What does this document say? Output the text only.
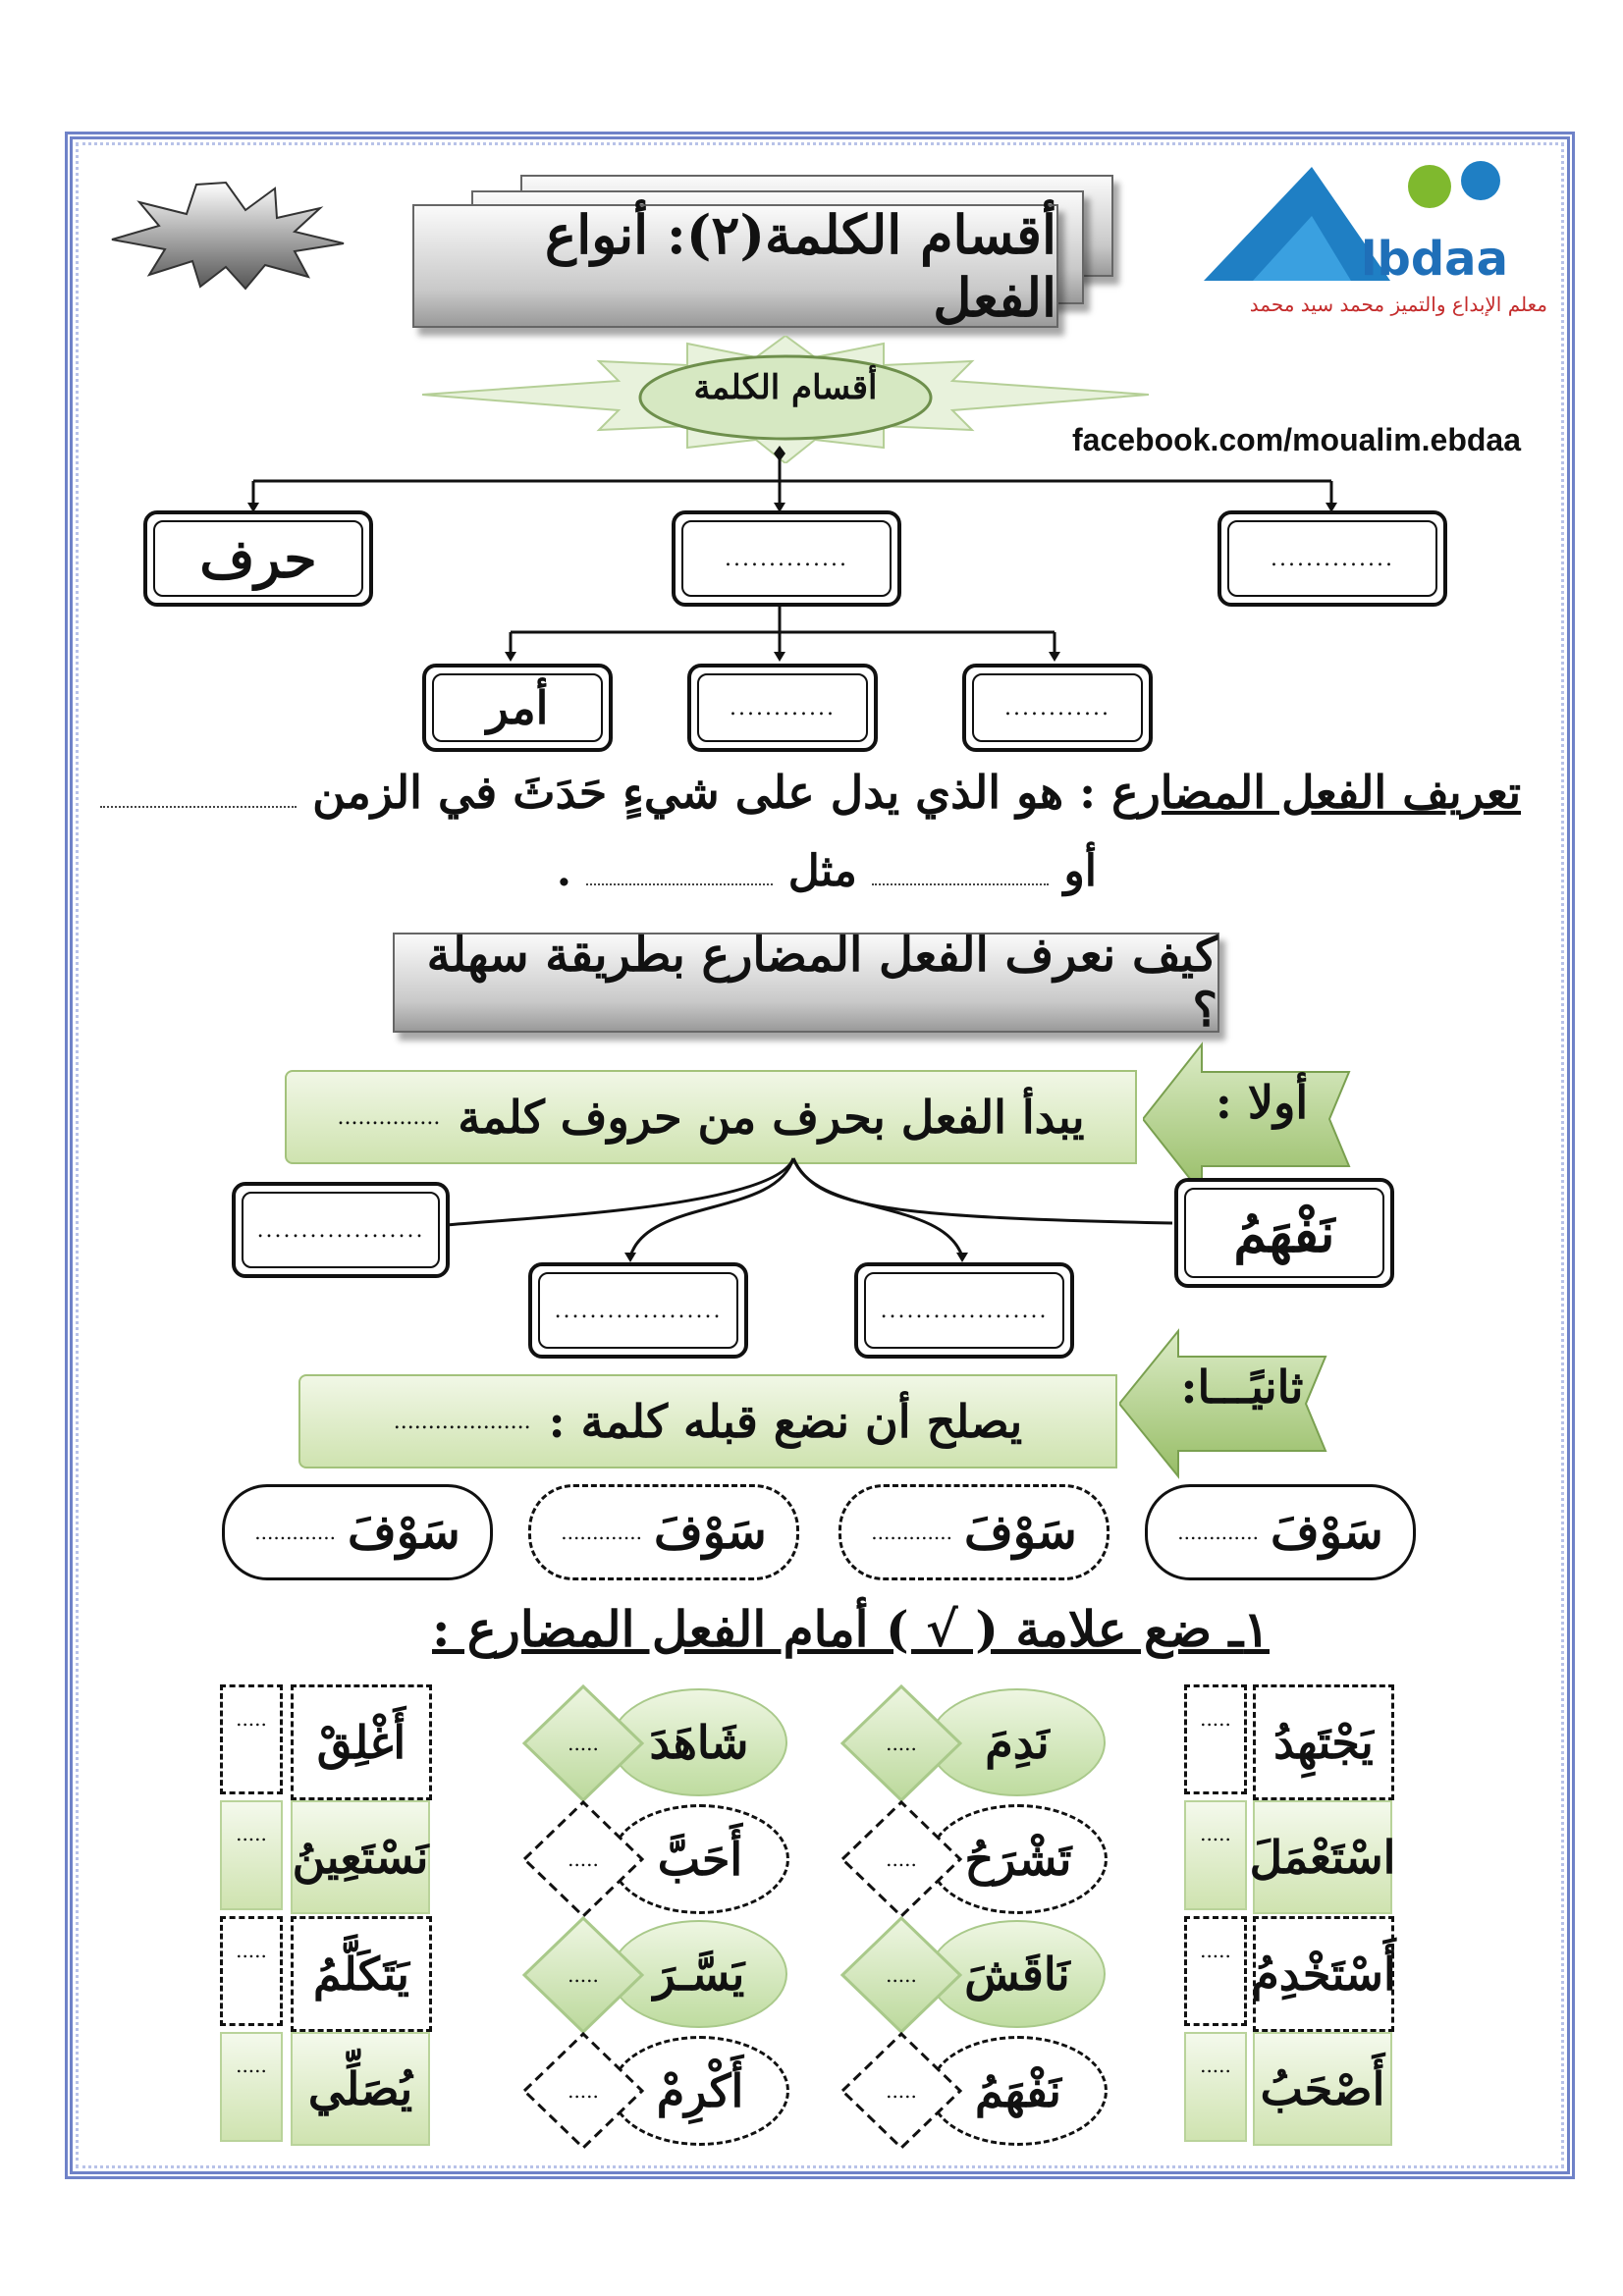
أقسام الكلمة(٢): أنواع الفعل
lbdaa
معلم الإبداع والتميز محمد سيد محمد
facebook.com/moualim.ebdaa
أقسام الكلمة
..............
..............
حرف
............
............
أمر
تعريف الفعل المضارع : هو الذي يدل على شيءٍ حَدَثَ في الزمن
أو  مثل  .
كيف نعرف الفعل المضارع بطريقة سهلة ؟
أولا :
يبدأ الفعل بحرف من حروف كلمة
...............
نَفْهَمُ
...................
...................
...................
ثانيًـــا:
يصلح أن نضع قبله كلمة :
....................
سَوْفَ
.............
سَوْفَ
.............
سَوْفَ
.............
سَوْفَ
.............
١ـ ضع علامة ( √ ) أمام الفعل المضارع :
يَجْتَهِدُ
اسْتَعْمَلَ
أَسْتَخْدِمُ
أَصْحَبُ
.....
.....
.....
.....
نَدِمَ
تَشْرَحُ
نَاقَشَ
نَفْهَمُ
شَاهَدَ
أَحَبَّ
يَسَّـرَ
أَكْرِمْ
.....
.....
.....
.....
.....
.....
.....
.....
أَغْلِقْ
نَسْتَعِينُ
يَتَكَلَّمُ
يُصَلِّي
.....
.....
.....
.....
